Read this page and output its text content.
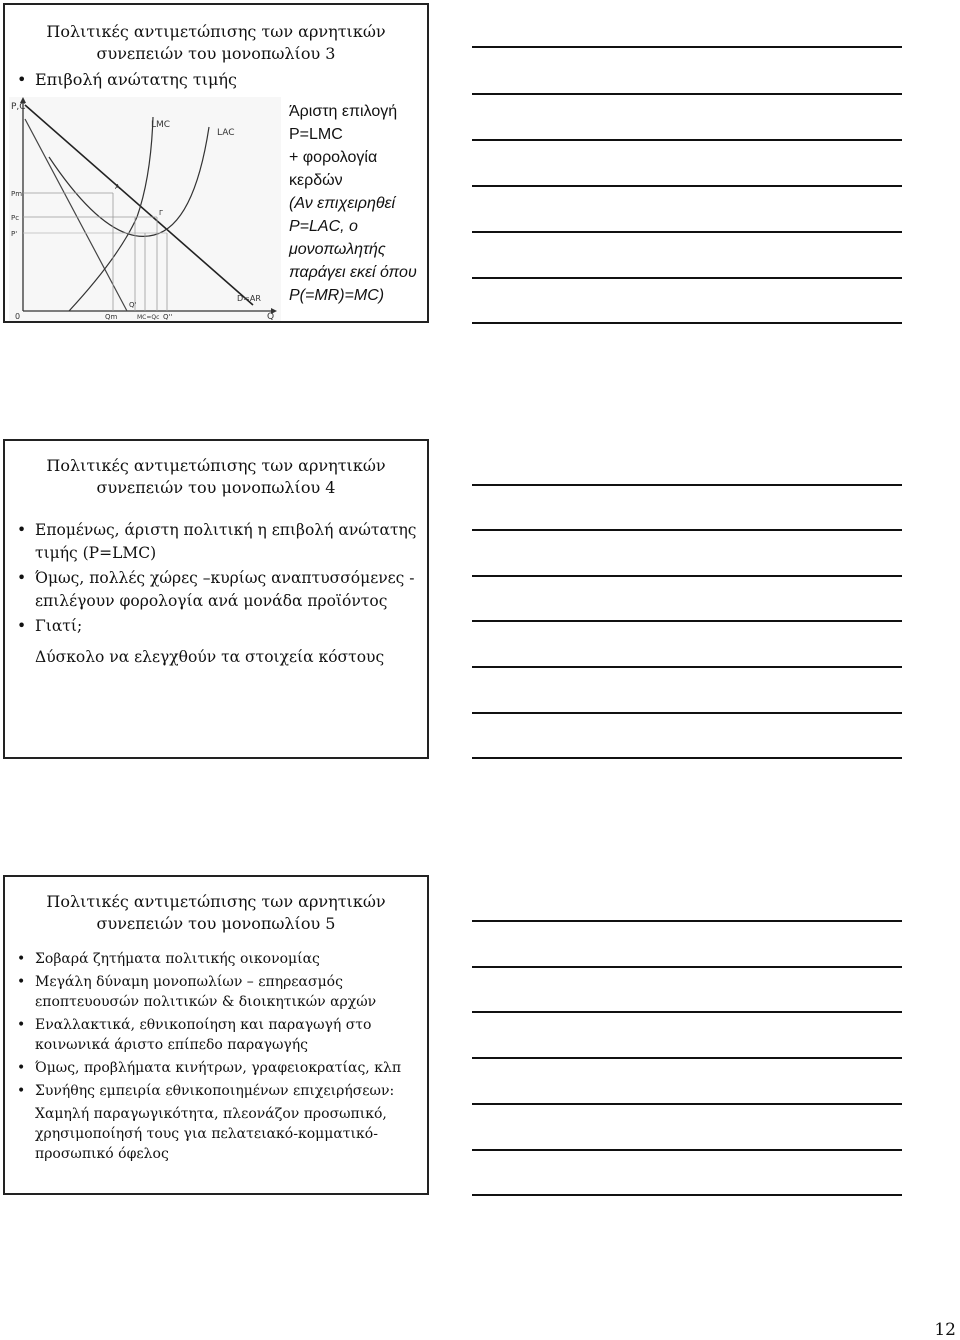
Πολιτικές αντιμετώπισης των αρνητικών
συνεπειών του μονοπωλίου 3
• Επιβολή ανώτατης τιμής
P,C
Q
0
LMC
LAC
D=AR
Pm
Pc
P'
Qm
Q'
MC=Qc Q''
A
Γ
Άριστη επιλογή
P=LMC
+ φορολογία
κερδών
(Αν επιχειρηθεί
P=LAC, ο
μονοπωλητής
παράγει εκεί όπου
P(=MR)=MC)
Πολιτικές αντιμετώπισης των αρνητικών
συνεπειών του μονοπωλίου 4
• Επομένως, άριστη πολιτική η επιβολή ανώτατης τιμής (P=LMC)
• Όμως, πολλές χώρες –κυρίως αναπτυσσόμενες - επιλέγουν φορολογία ανά μονάδα προϊόντος
• Γιατί;
Δύσκολο να ελεγχθούν τα στοιχεία κόστους
Πολιτικές αντιμετώπισης των αρνητικών
συνεπειών του μονοπωλίου 5
• Σοβαρά ζητήματα πολιτικής οικονομίας
• Μεγάλη δύναμη μονοπωλίων – επηρεασμός εποπτευουσών πολιτικών & διοικητικών αρχών
• Εναλλακτικά, εθνικοποίηση και παραγωγή στο κοινωνικά άριστο επίπεδο παραγωγής
• Όμως, προβλήματα κινήτρων, γραφειοκρατίας, κλπ
• Συνήθης εμπειρία εθνικοποιημένων επιχειρήσεων:
Χαμηλή παραγωγικότητα, πλεονάζον προσωπικό, χρησιμοποίησή τους για πελατειακό-κομματικό-προσωπικό όφελος
12
